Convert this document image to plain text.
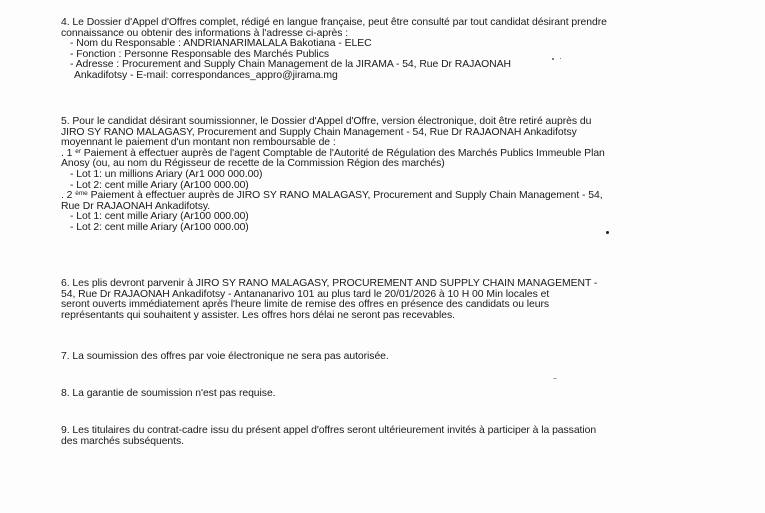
4. Le Dossier d'Appel d'Offres complet, rédigé en langue française, peut être consulté par tout candidat désirant prendre
connaissance ou obtenir des informations à l'adresse ci-après :
- Nom du Responsable : ANDRIANARIMALALA Bakotiana - ELEC
- Fonction : Personne Responsable des Marchés Publics
- Adresse : Procurement and Supply Chain Management de la JIRAMA - 54, Rue Dr RAJAONAH
Ankadifotsy - E-mail: correspondances_appro@jirama.mg
5. Pour le candidat désirant soumissionner, le Dossier d'Appel d'Offre, version électronique, doit être retiré auprès du
JIRO SY RANO MALAGASY, Procurement and Supply Chain Management - 54, Rue Dr RAJAONAH Ankadifotsy
moyennant le paiement d'un montant non remboursable de :
. 1 $^{er}$ Paiement à effectuer auprès de l'agent Comptable de l'Autorité de Régulation des Marchés Publics Immeuble Plan
Anosy (ou, au nom du Régisseur de recette de la Commission Région des marchés)
- Lot 1: un millions Ariary (Ar1 000 000.00)
- Lot 2: cent mille Ariary (Ar100 000.00)
. 2 $^{ème}$ Paiement à effectuer auprès de JIRO SY RANO MALAGASY, Procurement and Supply Chain Management - 54,
Rue Dr RAJAONAH Ankadifotsy.
- Lot 1: cent mille Ariary (Ar100 000.00)
- Lot 2: cent mille Ariary (Ar100 000.00)
6. Les plis devront parvenir à JIRO SY RANO MALAGASY, PROCUREMENT AND SUPPLY CHAIN MANAGEMENT -
54, Rue Dr RAJAONAH Ankadifotsy - Antananarivo 101 au plus tard le 20/01/2026 à 10 H 00 Min locales et
seront ouverts immédiatement après l'heure limite de remise des offres en présence des candidats ou leurs
représentants qui souhaitent y assister. Les offres hors délai ne seront pas recevables.
7. La soumission des offres par voie électronique ne sera pas autorisée.
8. La garantie de soumission n'est pas requise.
9. Les titulaires du contrat-cadre issu du présent appel d'offres seront ultérieurement invités à participer à la passation
des marchés subséquents.
